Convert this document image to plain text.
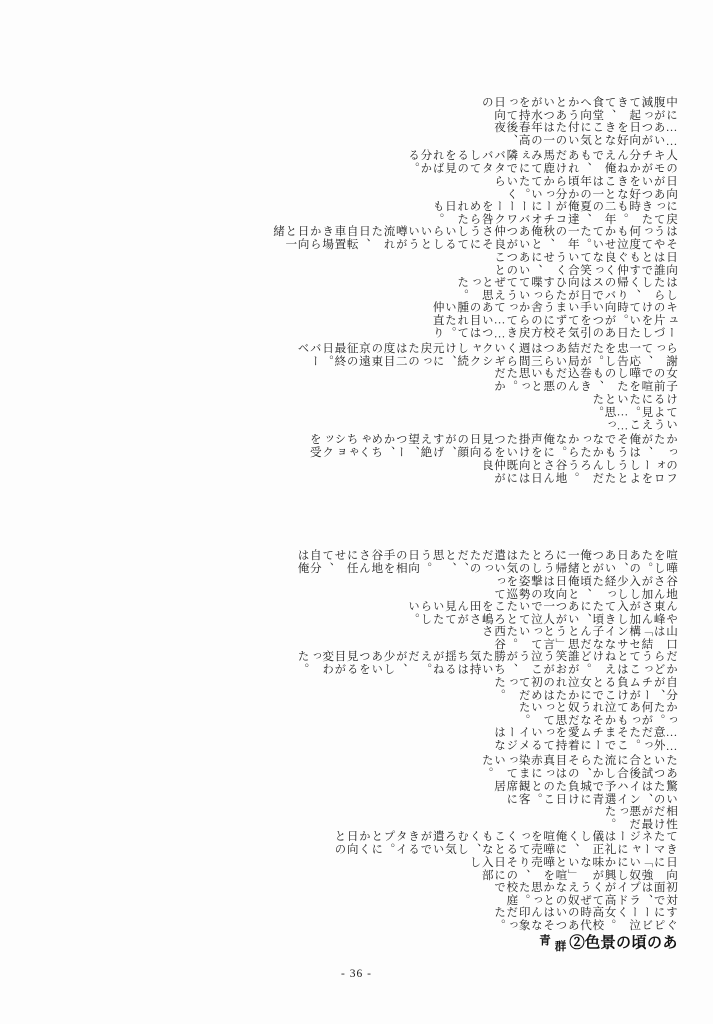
あの頃の景色② 群青
すぐにピービー泣く女。高校時代のあいつはそんな印象だった。
初対面では、プライドが高くてうぜえ奴なのかと思った。校庭で
日向に「強い奴にしか興味がない」と喧嘩を売り、その日に入部し
てきたマネージャーには礼儀正しく、俺に喧嘩を売ってくることもなく、むしろ気遣いができるタイプ。とにかく日向との
相性だけが最悪だった。
驚いたのは、インハイ予選で青城に負けた日のこと。観客席に居
たあいつと試合後に合流したから、その目は真っ赤に染まっていた。
……意外だった。そこまでチームに愛着を持っているイメージはな
かった。何があっても泣かれそうな奴だと思っていた。
自分が、チームが負けることで女に泣かれたのは初めてだった。
だからどうってことはねえけど。誰が笑おうが泣こうが、勝ちたい気持ちは揺るがねえ。だが、少しあいつを見る目が変わった。
山口は「結構センサイな子なんだと思う」と言っていた。西谷さ
んや東峰さんが加入してきた頃に、あいつが一人で泣いてたところを嶋田さんが見ていたらしい。
谷地さんが加入し少し経った頃、俺と日向は攻撃の姿勢を巡って
喧嘩をした。あの日、あいつが俺と一緒に帰ろうとしたのは気遣いだったのだ、と、思う。日向の相手を谷地さんに任せて、自分は俺
のフォローをしようとしたんだろう。谷地さんと日向は既に仲が良
かったが、俺はそうでもなかったからな。俺に声を掛けたいつを見る日向の顔が、すげえ絶望、つーか、めちゃくちゃショックを受
けているように見えた。こい……と思った。
女子の前で喧嘩をしたのも、巻き込んだのも悪いと思った。だか
ら謝って、一応忠告をした。だが結局あいつらは三週間くらいギクシャクし続け、元に戻ったのは二度目の東京遠征の最終日。バーベ
キューの片づけをしていた時。日向があいつの手を引いて気まずそうに校舎の方から戻ってきて……あいつの目は腫れていた。仲直り
はしたらしく、帰りのバスでは日向がひたすら喋っていてうぜえと思った。
日向は誰とでもすぐ仲良くなって笑い合うくせに、あいつのこと
はそうやって何度も泣かせていた。一年の秋、俺とあいつが仲良さそうにしているらしいという噂が流れた日、自転車置き場から日向と一緒
に戻ってきた時も。二年の夏、俺達がコーチにオーバーワークを咎められた日も。
日向があいつを好きなことは一年の頃から分かっていた。いくら
人のキモチが分かんねえ俺でも、あれだけ馬鹿みてぇに隣でバタバタしてるのを見れば分かる。
……あいつが日向を好きなことに気付いたのは一年の春高後、夜
中に腹が減って起きて、食堂へ向かうとあいつが水を持って日向の
- 36 -
